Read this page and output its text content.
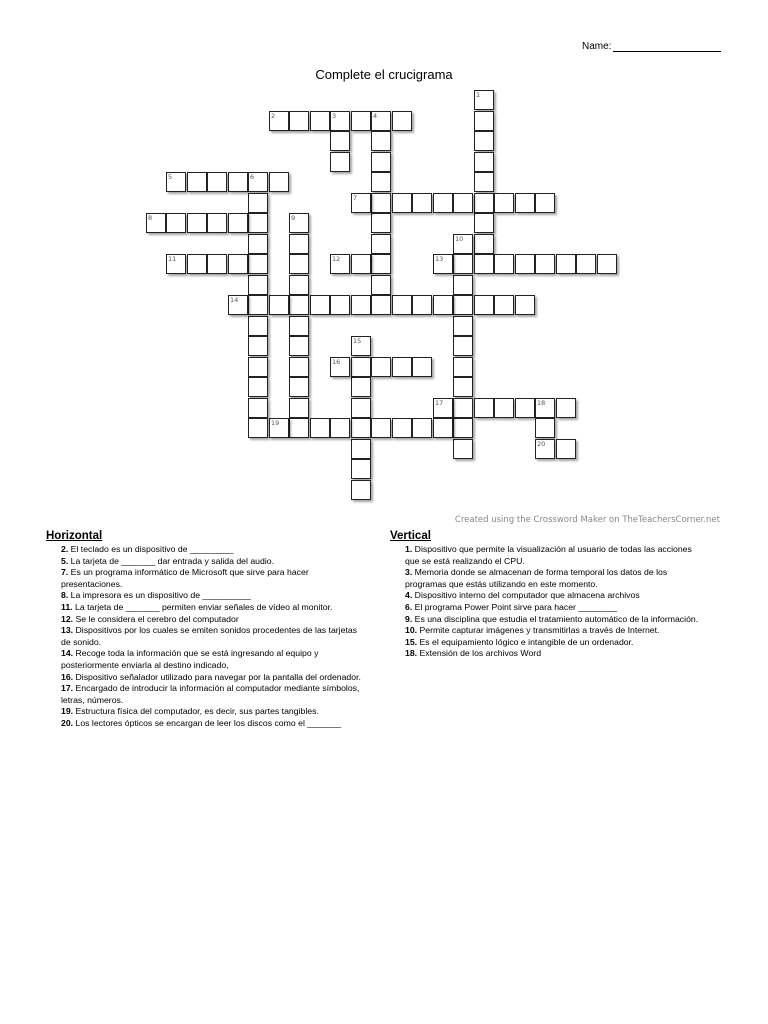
Name:
Complete el crucigrama
1
2	3	4
5	6
7
8	9
10
11	12	13
14
15
16
17	18
19
20
Created using the Crossword Maker on TheTeachersCorner.net
Horizontal
2. El teclado es un dispositivo de _________
5. La tarjeta de _______ dar entrada y salida del audio.
7. Es un programa informático de Microsoft que sirve para hacer presentaciones.
8. La impresora es un dispositivo de __________
11. La tarjeta de _______ permiten enviar señales de vídeo al monitor.
12. Se le considera el cerebro del computador
13. Dispositivos por los cuales se emiten sonidos procedentes de las tarjetas de sonido.
14. Recoge toda la información que se está ingresando al equipo y posteriormente enviarla al destino indicado,
16. Dispositivo señalador utilizado para navegar por la pantalla del ordenador.
17. Encargado de introducir la información al computador mediante símbolos, letras, números.
19. Estructura física del computador, es decir, sus partes tangibles.
20. Los lectores ópticos se encargan de leer los discos como el _______
Vertical
1. Dispositivo que permite la visualización al usuario de todas las acciones que se está realizando el CPU.
3. Memoria donde se almacenan de forma temporal los datos de los programas que estás utilizando en este momento.
4. Dispositivo interno del computador que almacena archivos
6. El programa Power Point sirve para hacer ________
9. Es una disciplina que estudia el tratamiento automático de la información.
10. Permite capturar imágenes y transmitirlas a través de Internet.
15. Es el equipamiento lógico e intangible de un ordenador.
18. Extensión de los archivos Word
